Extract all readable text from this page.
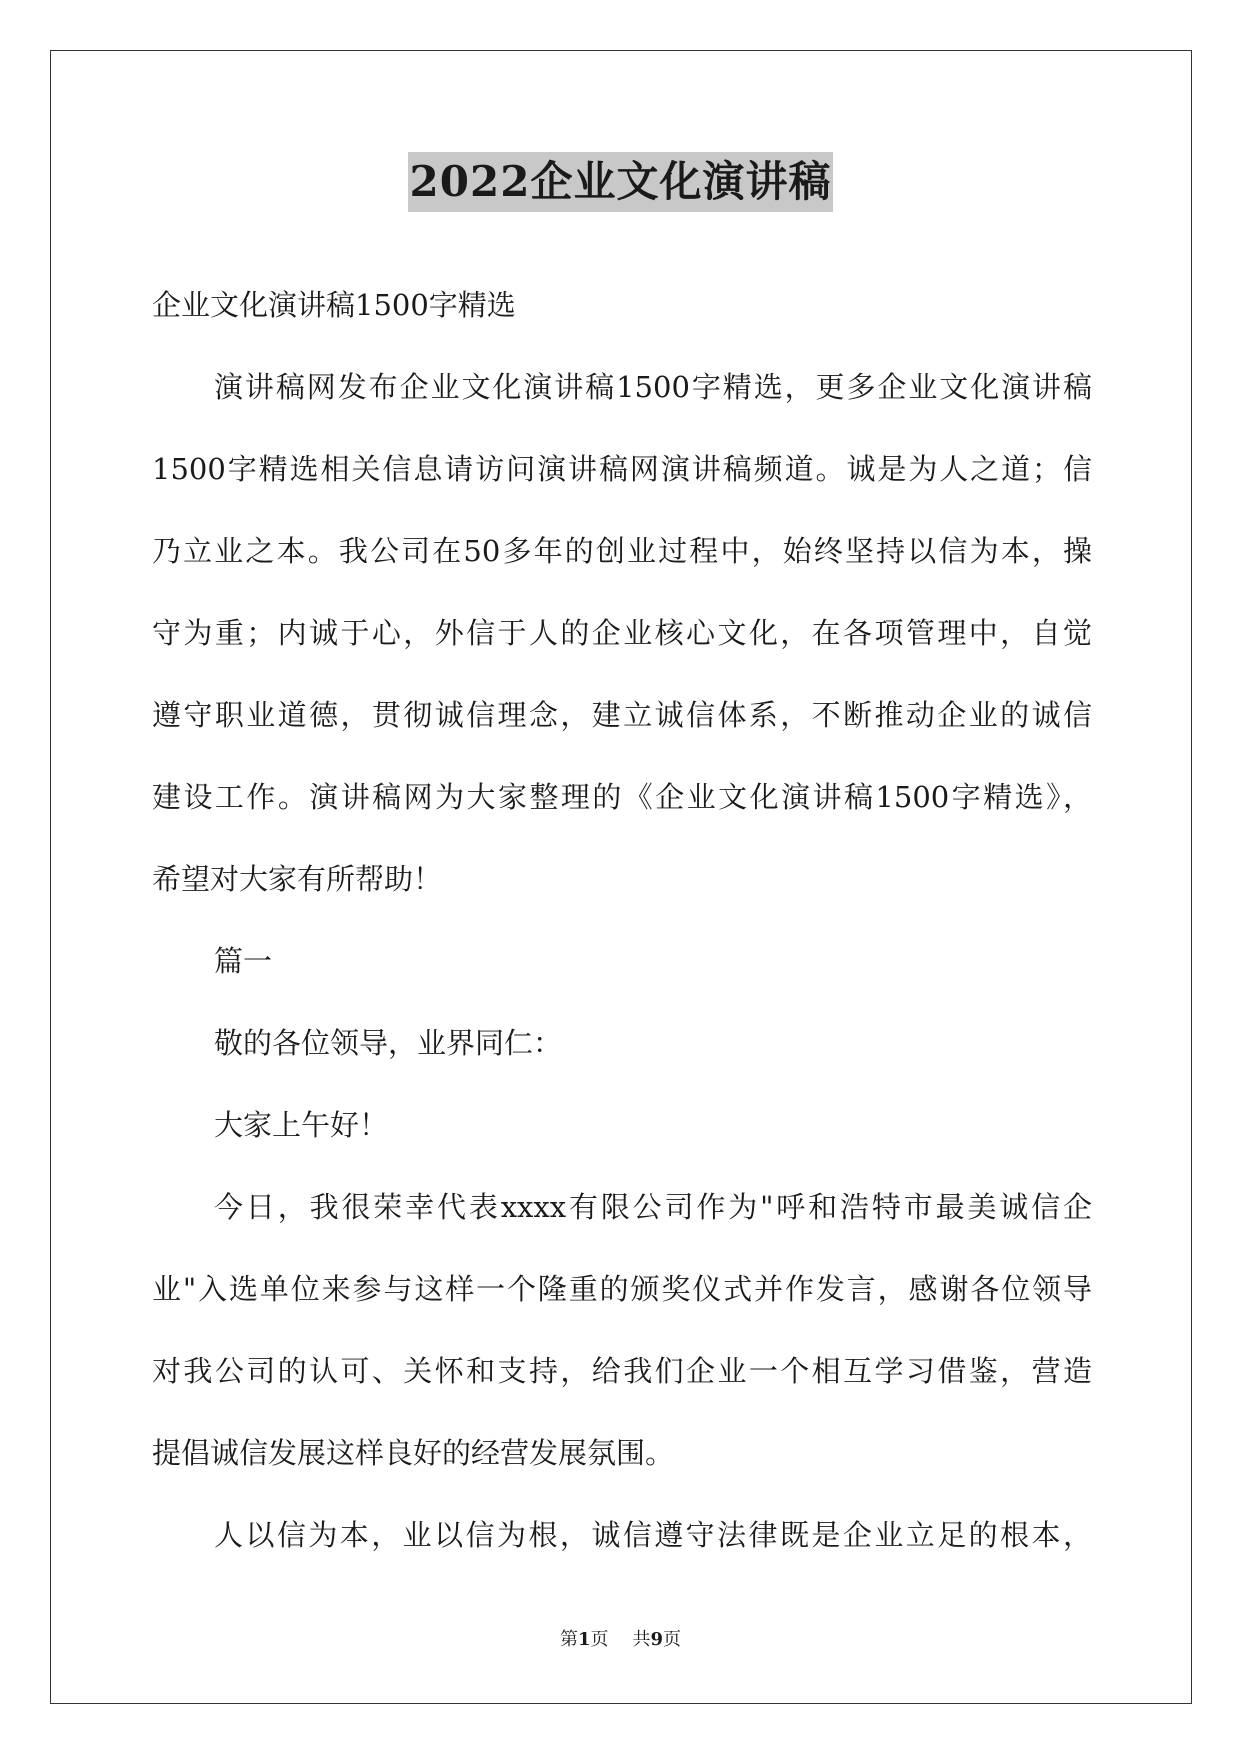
2022企业文化演讲稿
企业文化演讲稿1500字精选
演讲稿网发布企业文化演讲稿1500字精选，更多企业文化演讲稿
1500字精选相关信息请访问演讲稿网演讲稿频道。诚是为人之道；信
乃立业之本。我公司在50多年的创业过程中，始终坚持以信为本，操
守为重；内诚于心，外信于人的企业核心文化，在各项管理中，自觉
遵守职业道德，贯彻诚信理念，建立诚信体系，不断推动企业的诚信
建设工作。演讲稿网为大家整理的《企业文化演讲稿1500字精选》，
希望对大家有所帮助！
篇一
敬的各位领导，业界同仁：
大家上午好！
今日，我很荣幸代表xxxx有限公司作为"呼和浩特市最美诚信企
业"入选单位来参与这样一个隆重的颁奖仪式并作发言，感谢各位领导
对我公司的认可、关怀和支持，给我们企业一个相互学习借鉴，营造
提倡诚信发展这样良好的经营发展氛围。
人以信为本，业以信为根，诚信遵守法律既是企业立足的根本，
第1页 共9页
